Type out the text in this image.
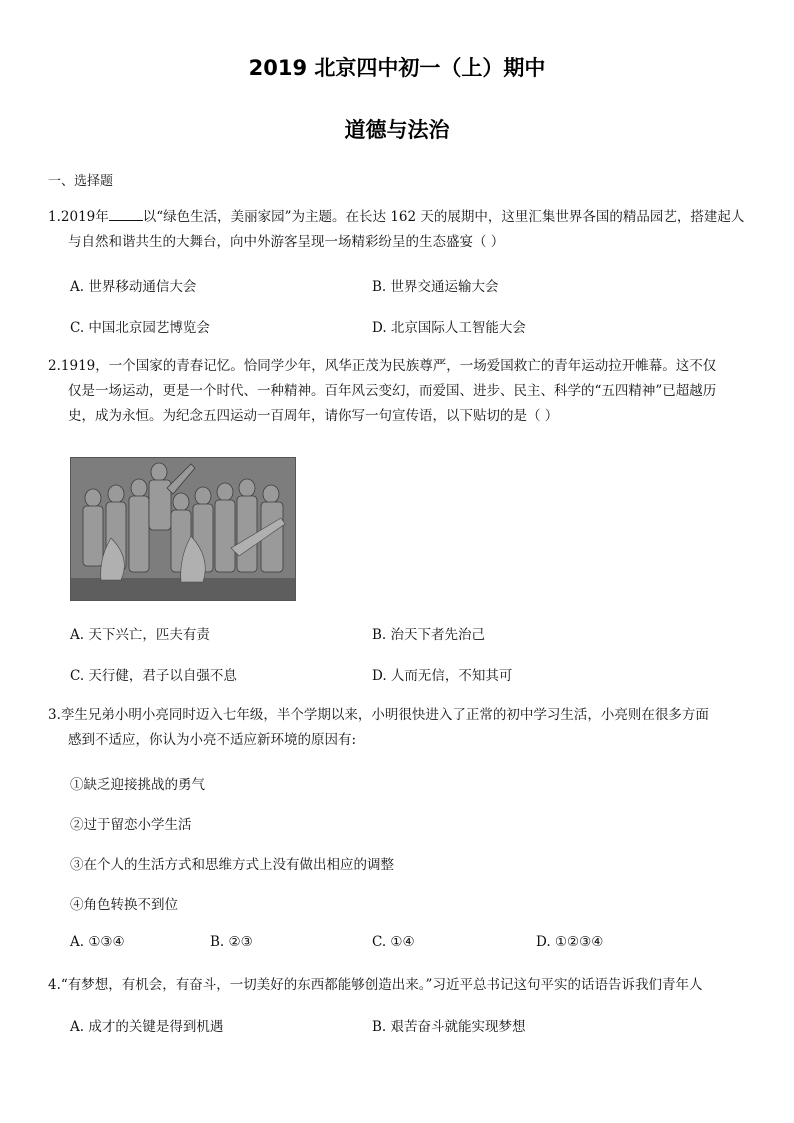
2019 北京四中初一（上）期中
道德与法治
一、选择题
1.2019年	以“绿色生活，美丽家园”为主题。在长达 162 天的展期中，这里汇集世界各国的精品园艺，搭建起人
与自然和谐共生的大舞台，向中外游客呈现一场精彩纷呈的生态盛宴（ ）
A. 世界移动通信大会	B. 世界交通运输大会
C. 中国北京园艺博览会	D. 北京国际人工智能大会
2.1919，一个国家的青春记忆。恰同学少年，风华正茂为民族尊严，一场爱国救亡的青年运动拉开帷幕。这不仅
仅是一场运动，更是一个时代、一种精神。百年风云变幻，而爱国、进步、民主、科学的“五四精神”已超越历
史，成为永恒。为纪念五四运动一百周年，请你写一句宣传语，以下贴切的是（ ）
A. 天下兴亡，匹夫有责	B. 治天下者先治己
C. 天行健，君子以自强不息	D. 人而无信，不知其可
3.孪生兄弟小明小亮同时迈入七年级，半个学期以来，小明很快进入了正常的初中学习生活，小亮则在很多方面
感到不适应，你认为小亮不适应新环境的原因有:
①缺乏迎接挑战的勇气
②过于留恋小学生活
③在个人的生活方式和思维方式上没有做出相应的调整
④角色转换不到位
A. ①③④	B. ②③	C. ①④	D. ①②③④
4.“有梦想，有机会，有奋斗，一切美好的东西都能够创造出来。”习近平总书记这句平实的话语告诉我们青年人
A. 成才的关键是得到机遇	B. 艰苦奋斗就能实现梦想
